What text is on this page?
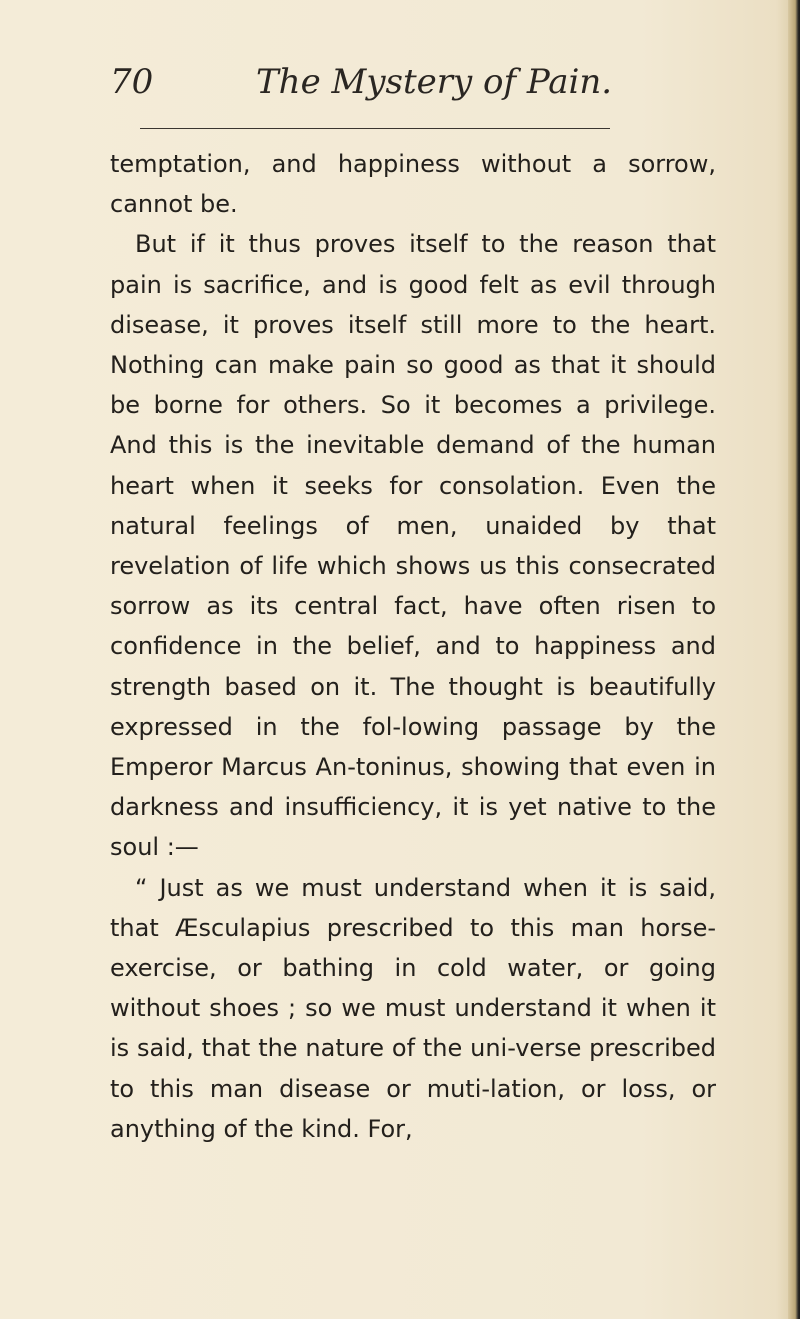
70	The Mystery of Pain.

temptation, and happiness without a sorrow, cannot be.

But if it thus proves itself to the reason that pain is sacrifice, and is good felt as evil through disease, it proves itself still more to the heart. Nothing can make pain so good as that it should be borne for others. So it becomes a privilege. And this is the inevitable demand of the human heart when it seeks for consolation. Even the natural feelings of men, unaided by that revelation of life which shows us this consecrated sorrow as its central fact, have often risen to confidence in the belief, and to happiness and strength based on it. The thought is beautifully expressed in the fol-lowing passage by the Emperor Marcus An-toninus, showing that even in darkness and insufficiency, it is yet native to the soul :—

“ Just as we must understand when it is said, that Æsculapius prescribed to this man horse-exercise, or bathing in cold water, or going without shoes ; so we must understand it when it is said, that the nature of the uni-verse prescribed to this man disease or muti-lation, or loss, or anything of the kind. For,
